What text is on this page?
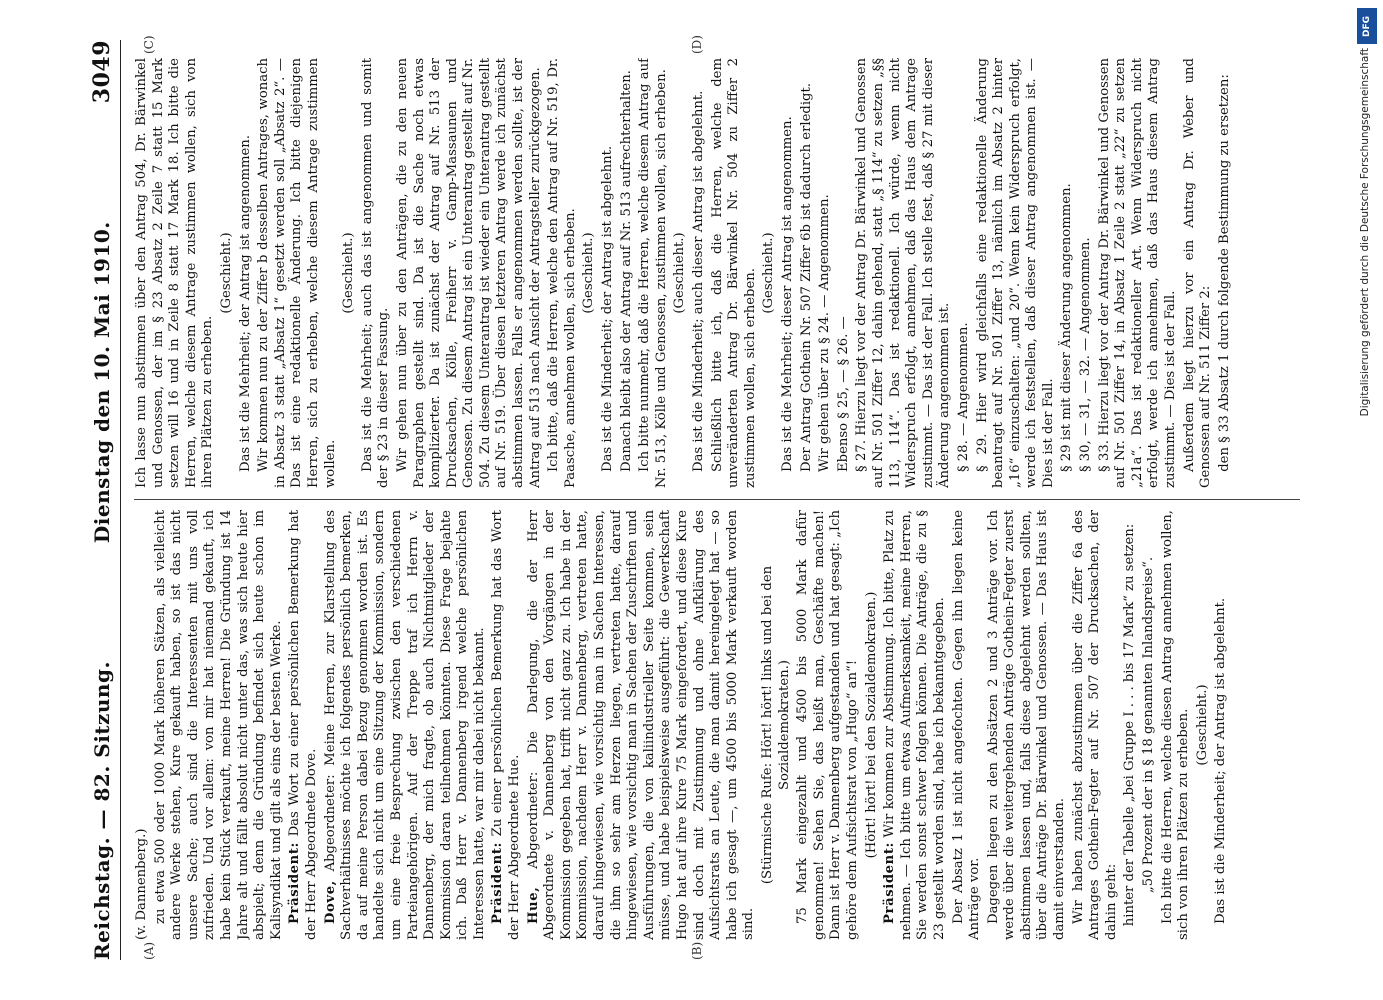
Reichstag. — 82. Sitzung.
Dienstag den 10. Mai 1910.
3049
(A)	(B)
(C)	(D)

(v. Dannenberg.) zu etwa 500 oder 1000 Mark höheren Sätzen, als vielleicht andere Werke stehen, Kure gekauft haben, so ist das nicht unsere Sache; auch sind die Interessenten mit uns voll zufrieden. Und vor allem: von mir hat niemand gekauft, ich habe kein Stück verkauft, meine Herren! Die Gründung ist 14 Jahre alt und fällt absolut nicht unter das, was sich heute hier abspielt; denn die Gründung befindet sich heute schon im Kalisyndikat und gilt als eins der besten Werke. Präsident: Das Wort zu einer persönlichen Bemerkung hat der Herr Abgeordnete Dove. Dove, Abgeordneter: Meine Herren, zur Klarstellung des Sachverhältnisses möchte ich folgendes persönlich bemerken, da auf meine Person dabei Bezug genommen worden ist. Es handelte sich nicht um eine Sitzung der Kommission, sondern um eine freie Besprechung zwischen den verschiedenen Parteiangehörigen. Auf der Treppe traf ich Herrn v. Dannenberg, der mich fragte, ob auch Nichtmitglieder der Kommission daran teilnehmen könnten. Diese Frage bejahte ich. Daß Herr v. Dannenberg irgend welche persönlichen Interessen hatte, war mir dabei nicht bekannt. Präsident: Zu einer persönlichen Bemerkung hat das Wort der Herr Abgeordnete Hue. Hue, Abgeordneter: Die Darlegung, die der Herr Abgeordnete v. Dannenberg von den Vorgängen in der Kommission gegeben hat, trifft nicht ganz zu. Ich habe in der Kommission, nachdem Herr v. Dannenberg, vertreten hatte, darauf hingewiesen, wie vorsichtig man in Sachen Interessen, die ihm so sehr am Herzen liegen, vertreten hatte, darauf hingewiesen, wie vorsichtig man in Sachen der Zuschriften und Ausführungen, die von kaliindustrieller Seite kommen, sein müsse, und habe beispielsweise ausgeführt: die Gewerkschaft Hugo hat auf ihre Kure 75 Mark eingefordert, und diese Kure sind doch mit Zustimmung und ohne Aufklärung des Aufsichtsrats an Leute, die man damit hereingelegt hat — so habe ich gesagt —, um 4500 bis 5000 Mark verkauft worden sind.

(Stürmische Rufe: Hört! hört! links und bei den Sozialdemokraten.) 75 Mark eingezahlt und 4500 bis 5000 Mark dafür genommen! Sehen Sie, das heißt man, Geschäfte machen! Dann ist Herr v. Dannenberg aufgestanden und hat gesagt: „Ich gehöre dem Aufsichtsrat von „Hugo“ an“! (Hört! hört! bei den Sozialdemokraten.)

Präsident: Wir kommen zur Abstimmung. Ich bitte, Platz zu nehmen. — Ich bitte um etwas Aufmerksamkeit, meine Herren, Sie werden sonst schwer folgen können. Die Anträge, die zu § 23 gestellt worden sind, habe ich bekanntgegeben. Der Absatz 1 ist nicht angefochten. Gegen ihn liegen keine Anträge vor. Dagegen liegen zu den Absätzen 2 und 3 Anträge vor. Ich werde über die weitergehenden Anträge Gothein-Fegter zuerst abstimmen lassen und, falls diese abgelehnt werden sollten, über die Anträge Dr. Bärwinkel und Genossen. — Das Haus ist damit einverstanden. Wir haben zunächst abzustimmen über die Ziffer 6a des Antrages Gothein-Fegter auf Nr. 507 der Drucksachen, der dahin geht: hinter der Tabelle „bei Gruppe I . . . bis 17 Mark“ zu setzen: „50 Prozent der in § 18 genannten Inlandspreise“. Ich bitte die Herren, welche diesen Antrag annehmen wollen, sich von ihren Plätzen zu erheben. (Geschieht.) Das ist die Minderheit; der Antrag ist abgelehnt.

Ich lasse nun abstimmen über den Antrag 504, Dr. Bärwinkel und Genossen, der im § 23 Absatz 2 Zeile 7 statt 15 Mark setzen will 16 und in Zeile 8 statt 17 Mark 18. Ich bitte die Herren, welche diesem Antrage zustimmen wollen, sich von ihren Plätzen zu erheben.

(Geschieht.) Das ist die Mehrheit; der Antrag ist angenommen. Wir kommen nun zu der Ziffer b desselben Antrages, wonach in Absatz 3 statt „Absatz 1“ gesetzt werden soll „Absatz 2“. — Das ist eine redaktionelle Änderung. Ich bitte diejenigen Herren, sich zu erheben, welche diesem Antrage zustimmen wollen.

(Geschieht.) Das ist die Mehrheit; auch das ist angenommen und somit der § 23 in dieser Fassung. Wir gehen nun über zu den Anträgen, die zu den neuen Paragraphen gestellt sind. Da ist die Sache noch etwas komplizierter. Da ist zunächst der Antrag auf Nr. 513 der Drucksachen, Kölle, Freiherr v. Gamp-Massaunen und Genossen. Zu diesem Antrag ist ein Unterantrag gestellt auf Nr. 504. Zu diesem Unterantrag ist wieder ein Unterantrag gestellt auf Nr. 519. Über diesen letzteren Antrag werde ich zunächst abstimmen lassen. Falls er angenommen werden sollte, ist der Antrag auf 513 nach Ansicht der Antragsteller zurückgezogen. Ich bitte, daß die Herren, welche den Antrag auf Nr. 519, Dr. Paasche, annehmen wollen, sich erheben. (Geschieht.) Das ist die Minderheit; der Antrag ist abgelehnt. Danach bleibt also der Antrag auf Nr. 513 aufrechterhalten. Ich bitte nunmehr, daß die Herren, welche diesem Antrag auf Nr. 513, Kölle und Genossen, zustimmen wollen, sich erheben. (Geschieht.) Das ist die Minderheit; auch dieser Antrag ist abgelehnt. Schließlich bitte ich, daß die Herren, welche dem unveränderten Antrag Dr. Bärwinkel Nr. 504 zu Ziffer 2 zustimmen wollen, sich erheben. (Geschieht.) Das ist die Mehrheit; dieser Antrag ist angenommen. Der Antrag Gothein Nr. 507 Ziffer 6b ist dadurch erledigt. Wir gehen über zu § 24. — Angenommen. Ebenso § 25, — § 26. — § 27. Hierzu liegt vor der Antrag Dr. Bärwinkel und Genossen auf Nr. 501 Ziffer 12, dahin gehend, statt „§ 114“ zu setzen „§§ 113, 114“. Das ist redaktionell. Ich würde, wenn nicht Widerspruch erfolgt, annehmen, daß das Haus dem Antrage zustimmt. — Das ist der Fall. Ich stelle fest, daß § 27 mit dieser Änderung angenommen ist. § 28. — Angenommen. § 29. Hier wird gleichfalls eine redaktionelle Änderung beantragt auf Nr. 501 Ziffer 13, nämlich im Absatz 2 hinter „16“ einzuschalten: „und 20“. Wenn kein Widerspruch erfolgt, werde ich feststellen, daß dieser Antrag angenommen ist. — Dies ist der Fall. § 29 ist mit dieser Änderung angenommen. § 30, — 31, — 32. — Angenommen. § 33. Hierzu liegt vor der Antrag Dr. Bärwinkel und Genossen auf Nr. 501 Ziffer 14, in Absatz 1 Zeile 2 statt „22“ zu setzen „21a“. Das ist redaktioneller Art. Wenn Widerspruch nicht erfolgt, werde ich annehmen, daß das Haus diesem Antrag zustimmt. — Dies ist der Fall. Außerdem liegt hierzu vor ein Antrag Dr. Weber und Genossen auf Nr. 511 Ziffer 2: den § 33 Absatz 1 durch folgende Bestimmung zu ersetzen:

DFG
Digitalisierung gefördert durch die Deutsche Forschungsgemeinschaft
